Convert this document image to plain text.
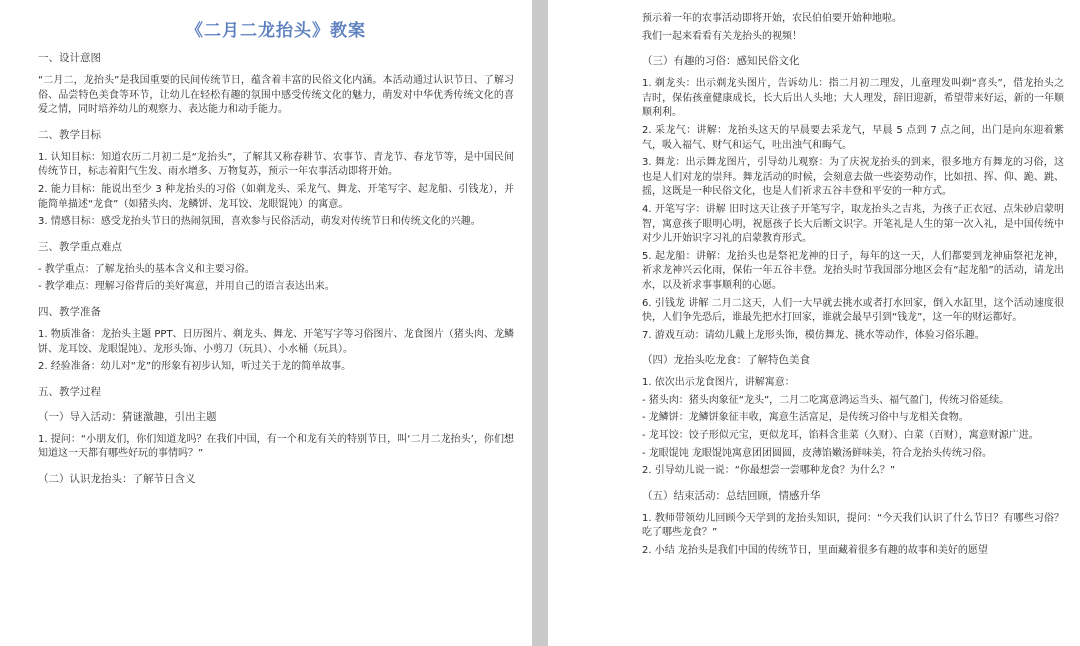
《二月二龙抬头》教案
一、设计意图
“二月二，龙抬头”是我国重要的民间传统节日，蕴含着丰富的民俗文化内涵。本活动通过认识节日、了解习俗、品尝特色美食等环节，让幼儿在轻松有趣的氛围中感受传统文化的魅力，萌发对中华优秀传统文化的喜爱之情，同时培养幼儿的观察力、表达能力和动手能力。
二、教学目标
1. 认知目标：知道农历二月初二是“龙抬头”，了解其又称春耕节、农事节、青龙节、春龙节等，是中国民间传统节日，标志着阳气生发、雨水增多、万物复苏，预示一年农事活动即将开始。
2. 能力目标：能说出至少 3 种龙抬头的习俗（如剃龙头、采龙气、舞龙、开笔写字、起龙船、引钱龙），并能简单描述“龙食”（如猪头肉、龙鳞饼、龙耳饺、龙眼馄饨）的寓意。
3. 情感目标：感受龙抬头节日的热闹氛围，喜欢参与民俗活动，萌发对传统节日和传统文化的兴趣。
三、教学重点难点
- 教学重点：了解龙抬头的基本含义和主要习俗。
- 教学难点：理解习俗背后的美好寓意，并用自己的语言表达出来。
四、教学准备
1. 物质准备：龙抬头主题 PPT、日历图片、剃龙头、舞龙、开笔写字等习俗图片、龙食图片（猪头肉、龙鳞饼、龙耳饺、龙眼馄饨）、龙形头饰、小剪刀（玩具）、小水桶（玩具）。
2. 经验准备：幼儿对“龙”的形象有初步认知，听过关于龙的简单故事。
五、教学过程
（一）导入活动：猜谜激趣，引出主题
1. 提问：“小朋友们，你们知道龙吗？在我们中国，有一个和龙有关的特别节日，叫‘二月二龙抬头’，你们想知道这一天都有哪些好玩的事情吗？”
（二）认识龙抬头：了解节日含义
预示着一年的农事活动即将开始，农民伯伯要开始种地啦。
我们一起来看看有关龙抬头的视频！
（三）有趣的习俗：感知民俗文化
1. 剃龙头：出示剃龙头图片，告诉幼儿：指二月初二理发，儿童理发叫剃“喜头”，借龙抬头之吉时，保佑孩童健康成长，长大后出人头地；大人理发，辞旧迎新，希望带来好运，新的一年顺顺利利。
2. 采龙气：讲解：龙抬头这天的早晨要去采龙气，早晨 5 点到 7 点之间，出门是向东迎着紫气，吸入福气、财气和运气，吐出浊气和晦气。
3. 舞龙：出示舞龙图片，引导幼儿观察：为了庆祝龙抬头的到来，很多地方有舞龙的习俗，这也是人们对龙的崇拜。舞龙活动的时候，会刻意去做一些姿势动作，比如扭、挥、仰、跪、跳、摇，这既是一种民俗文化，也是人们祈求五谷丰登和平安的一种方式。
4. 开笔写字：讲解 旧时这天让孩子开笔写字，取龙抬头之吉兆，为孩子正衣冠、点朱砂启蒙明智，寓意孩子眼明心明，祝愿孩子长大后断文识字。开笔礼是人生的第一次入礼，是中国传统中对少儿开始识字习礼的启蒙教育形式。
5. 起龙船：讲解：龙抬头也是祭祀龙神的日子，每年的这一天，人们都要到龙神庙祭祀龙神，祈求龙神兴云化雨，保佑一年五谷丰登。龙抬头时节我国部分地区会有“起龙船”的活动，请龙出水，以及祈求事事顺利的心愿。
6. 引钱龙 讲解 二月二这天，人们一大早就去挑水或者打水回家，倒入水缸里，这个活动速度很快，人们争先恐后，谁最先把水打回家，谁就会最早引到“钱龙”，这一年的财运都好。
7. 游戏互动：请幼儿戴上龙形头饰，模仿舞龙、挑水等动作，体验习俗乐趣。
（四）龙抬头吃龙食：了解特色美食
1. 依次出示龙食图片，讲解寓意：
- 猪头肉：猪头肉象征“龙头”，二月二吃寓意鸿运当头、福气盈门，传统习俗延续。
- 龙鳞饼：龙鳞饼象征丰收，寓意生活富足，是传统习俗中与龙相关食物。
- 龙耳饺：饺子形似元宝，更似龙耳，馅料含韭菜（久财）、白菜（百财），寓意财源广进。
- 龙眼馄饨 龙眼馄饨寓意团团圆圆，皮薄馅嫩汤鲜味美，符合龙抬头传统习俗。
2. 引导幼儿说一说：“你最想尝一尝哪种龙食？为什么？”
（五）结束活动：总结回顾，情感升华
1. 教师带领幼儿回顾今天学到的龙抬头知识，提问：“今天我们认识了什么节日？有哪些习俗？吃了哪些龙食？”
2. 小结 龙抬头是我们中国的传统节日，里面藏着很多有趣的故事和美好的愿望
